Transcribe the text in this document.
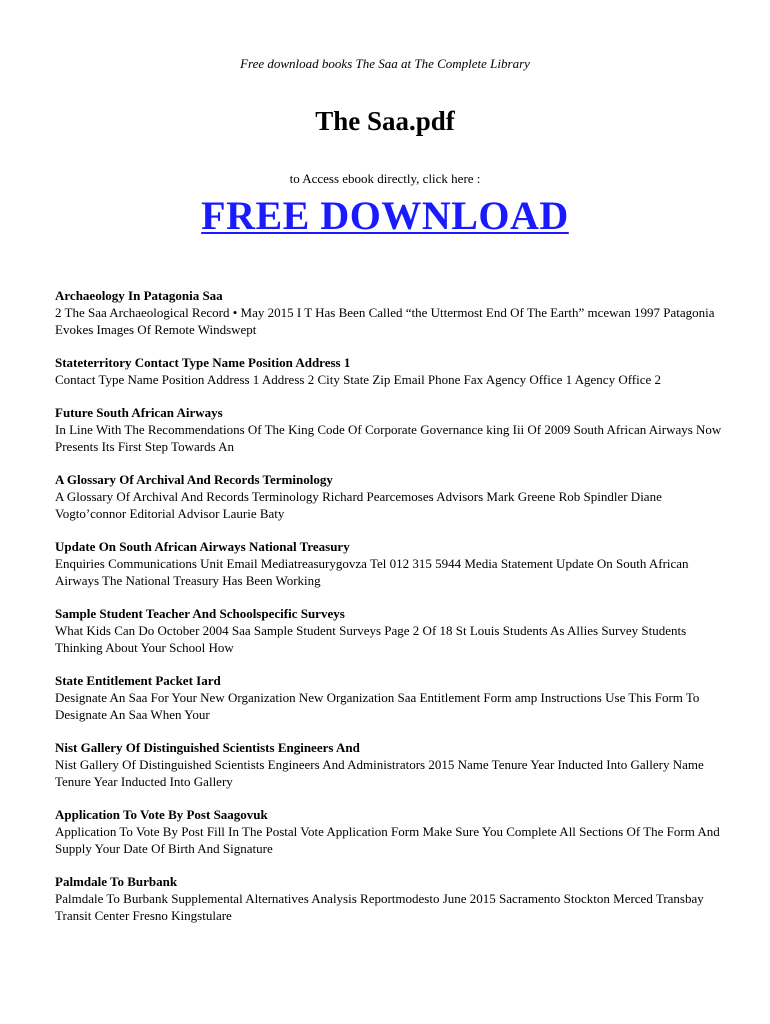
Free download books The Saa at The Complete Library
The Saa.pdf
to Access ebook directly, click here :
FREE DOWNLOAD
Archaeology In Patagonia Saa
2 The Saa Archaeological Record • May 2015 I T Has Been Called “the Uttermost End Of The Earth” mcewan 1997 Patagonia Evokes Images Of Remote Windswept
Stateterritory Contact Type Name Position Address 1
Contact Type Name Position Address 1 Address 2 City State Zip Email Phone Fax Agency Office 1 Agency Office 2
Future South African Airways
In Line With The Recommendations Of The King Code Of Corporate Governance king Iii Of 2009 South African Airways Now Presents Its First Step Towards An
A Glossary Of Archival And Records Terminology
A Glossary Of Archival And Records Terminology Richard Pearcemoses Advisors Mark Greene Rob Spindler Diane Vogto’connor Editorial Advisor Laurie Baty
Update On South African Airways National Treasury
Enquiries Communications Unit Email Mediatreasurygovza Tel 012 315 5944 Media Statement Update On South African Airways The National Treasury Has Been Working
Sample Student Teacher And Schoolspecific Surveys
What Kids Can Do October 2004 Saa Sample Student Surveys Page 2 Of 18 St Louis Students As Allies Survey Students Thinking About Your School How
State Entitlement Packet Iard
Designate An Saa For Your New Organization New Organization Saa Entitlement Form amp Instructions Use This Form To Designate An Saa When Your
Nist Gallery Of Distinguished Scientists Engineers And
Nist Gallery Of Distinguished Scientists Engineers And Administrators 2015 Name Tenure Year Inducted Into Gallery Name Tenure Year Inducted Into Gallery
Application To Vote By Post Saagovuk
Application To Vote By Post Fill In The Postal Vote Application Form Make Sure You Complete All Sections Of The Form And Supply Your Date Of Birth And Signature
Palmdale To Burbank
Palmdale To Burbank Supplemental Alternatives Analysis Reportmodesto June 2015 Sacramento Stockton Merced Transbay Transit Center Fresno Kingstulare
